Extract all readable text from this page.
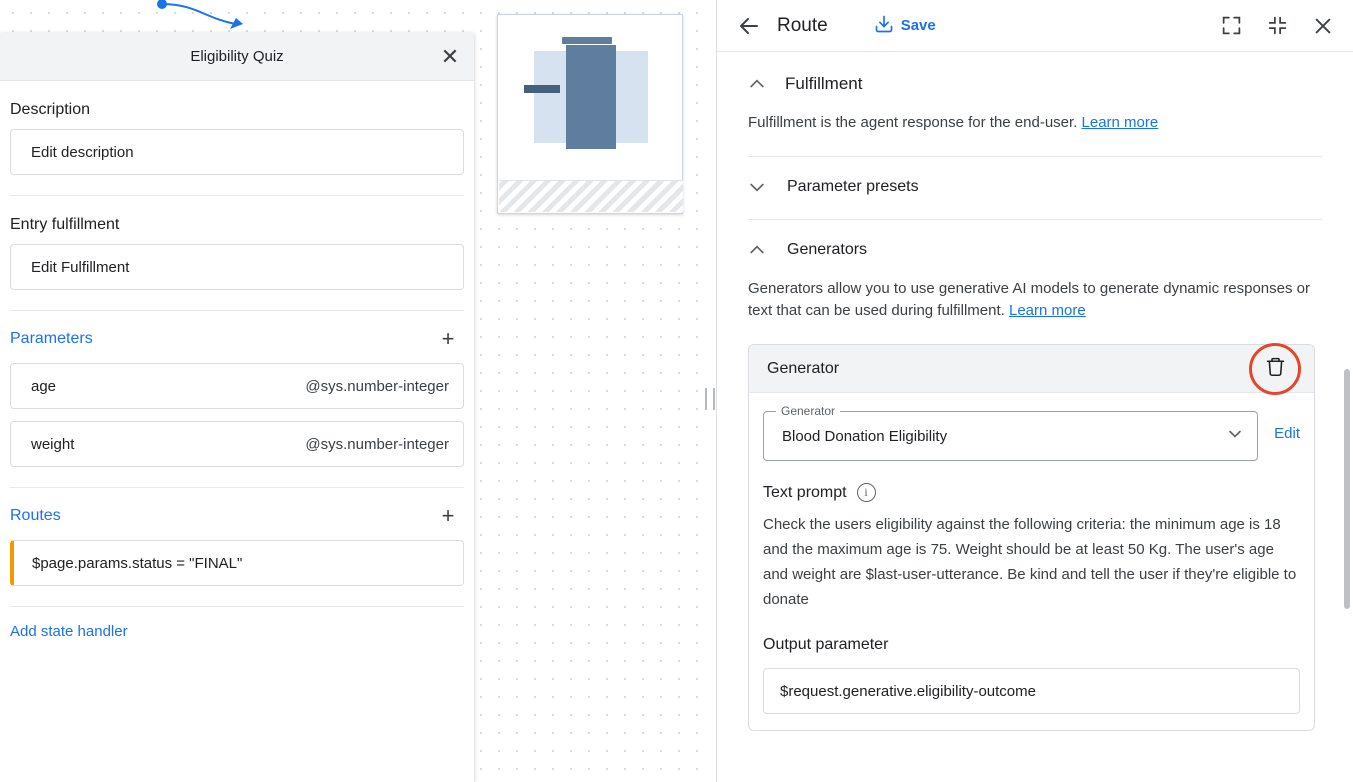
Eligibility Quiz	✕
Description
Edit description
Entry fulfillment
Edit Fulfillment
Parameters	+
age	@sys.number-integer
weight	@sys.number-integer
Routes	+
$page.params.status = "FINAL"
Add state handler
Route	Save
Fulfillment
Fulfillment is the agent response for the end-user. Learn more
Parameter presets
Generators
Generators allow you to use generative AI models to generate dynamic responses or text that can be used during fulfillment. Learn more
Generator
Generator
Blood Donation Eligibility	Edit
Text prompt	i
Check the users eligibility against the following criteria: the minimum age is 18 and the maximum age is 75. Weight should be at least 50 Kg. The user's age and weight are $last-user-utterance. Be kind and tell the user if they're eligible to donate
Output parameter
$request.generative.eligibility-outcome
